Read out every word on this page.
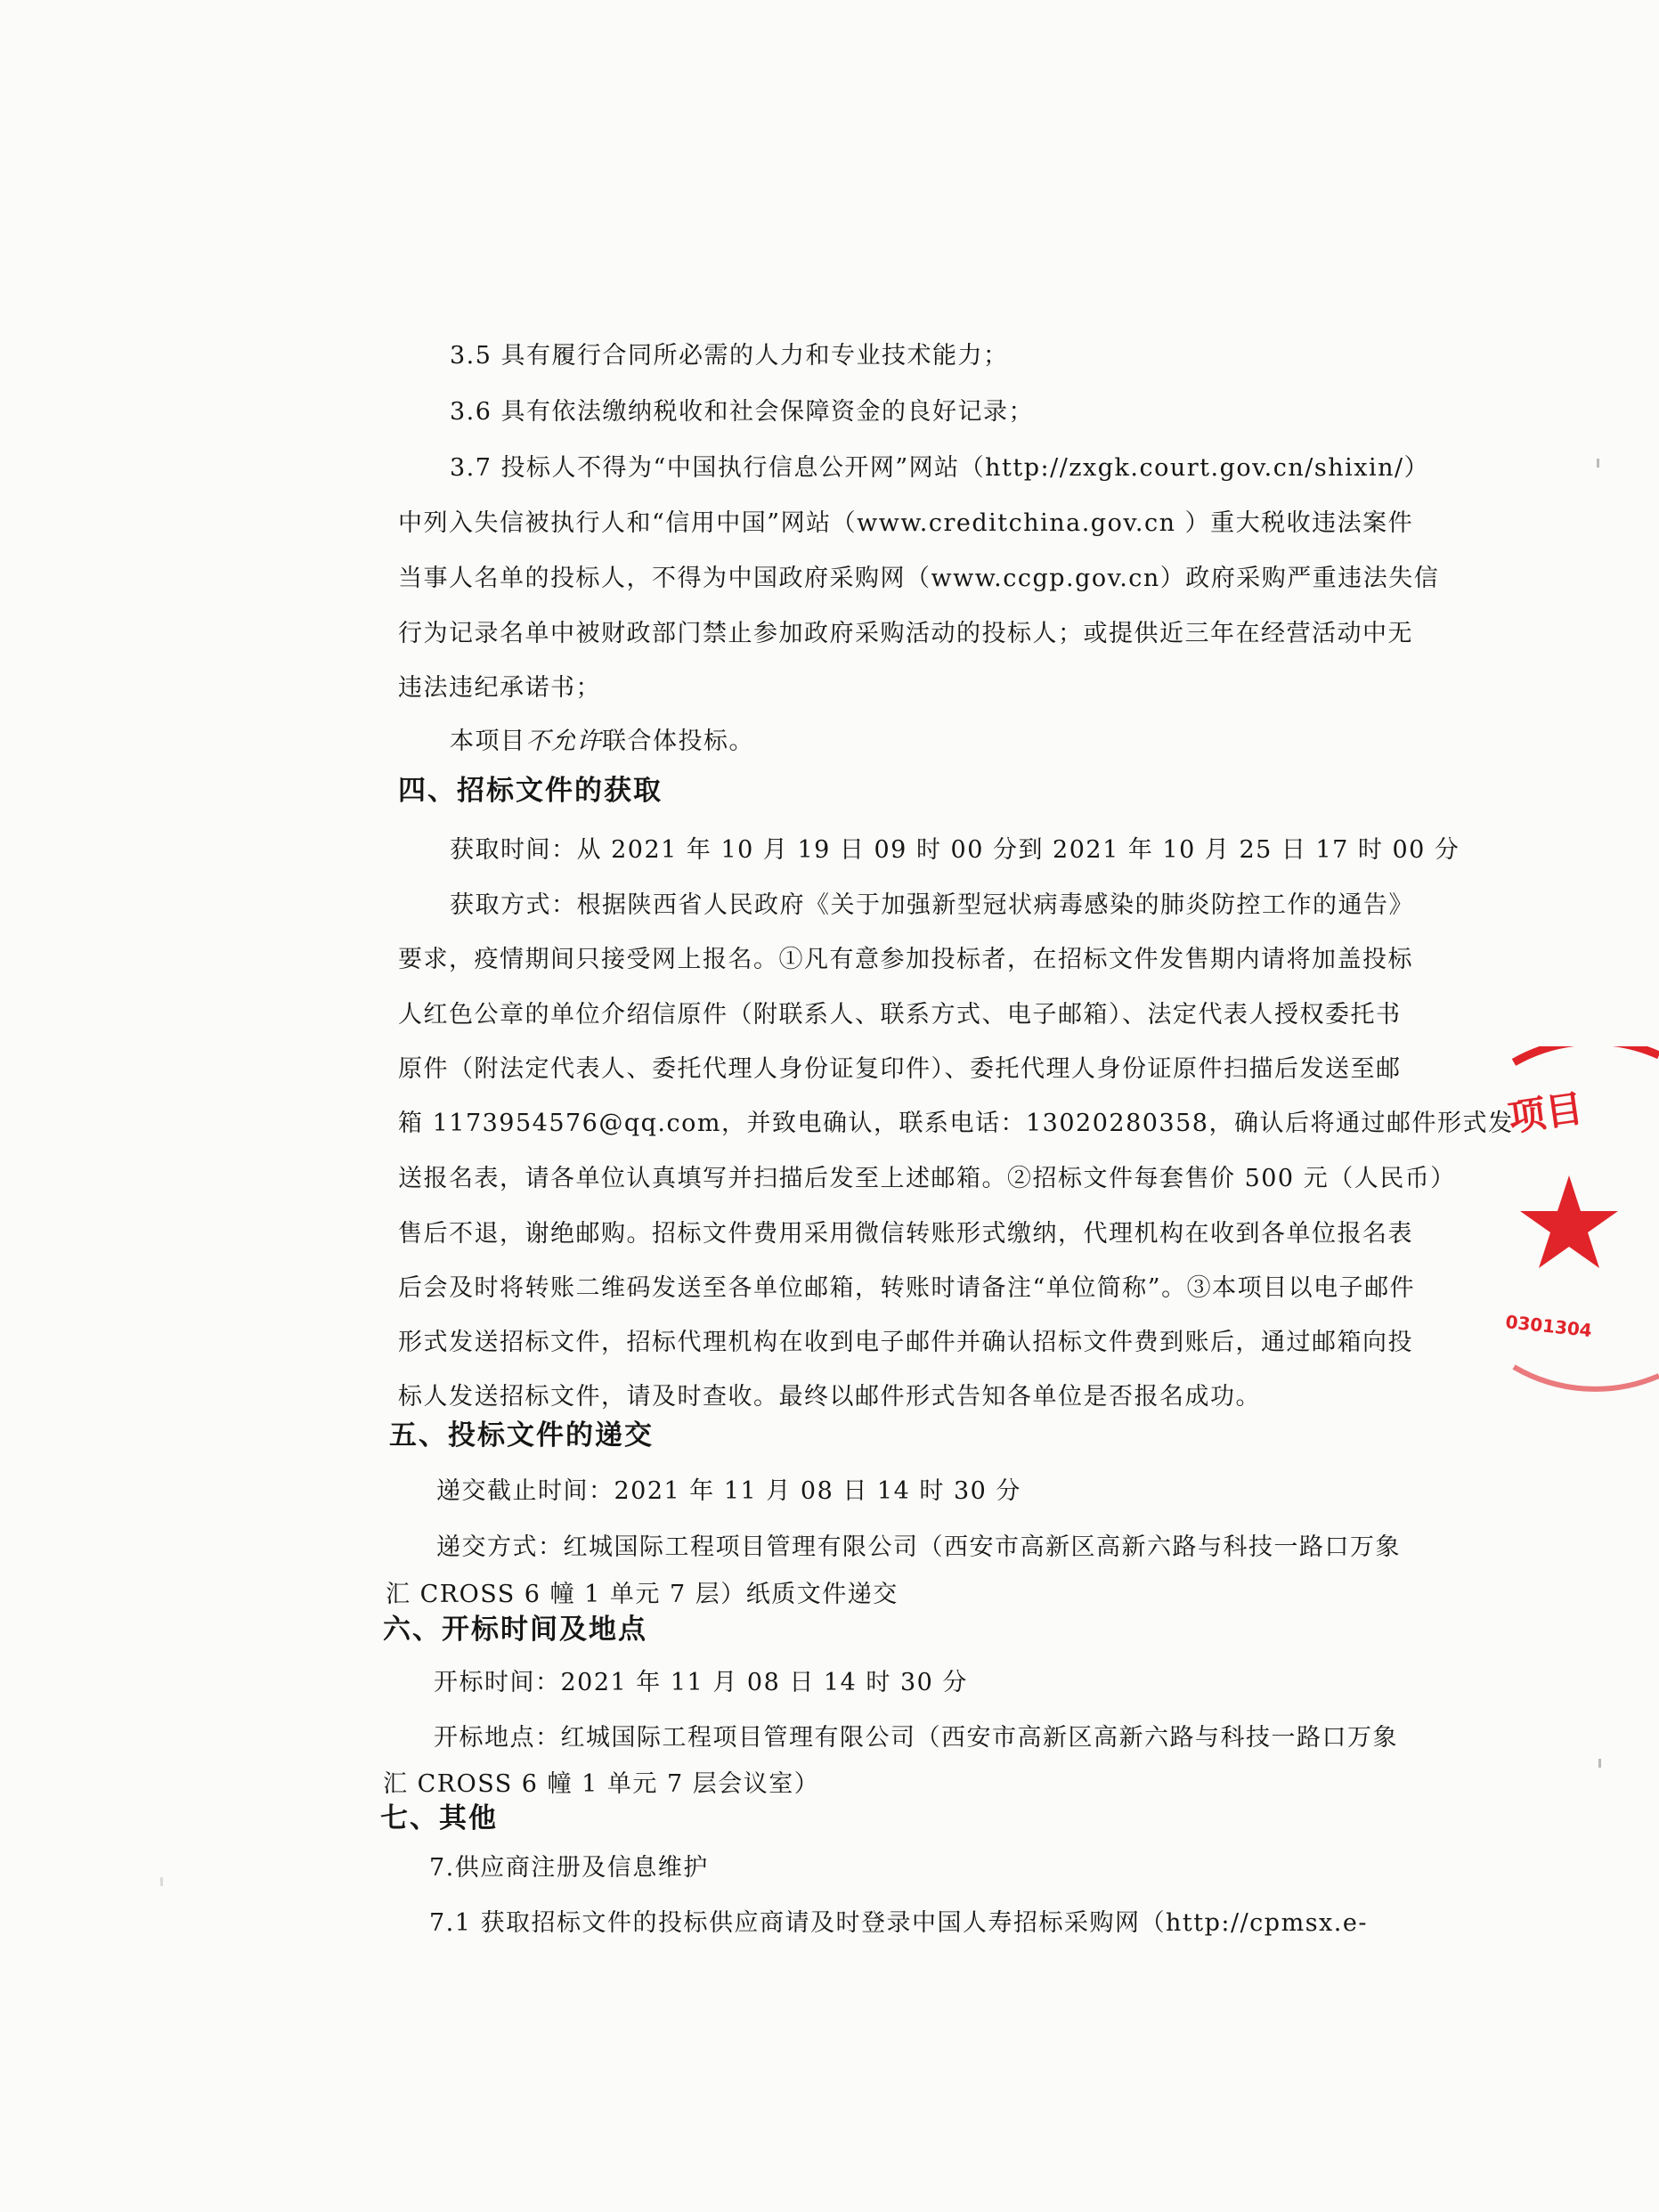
3.5 具有履行合同所必需的人力和专业技术能力；
3.6 具有依法缴纳税收和社会保障资金的良好记录；
3.7 投标人不得为“中国执行信息公开网”网站（http://zxgk.court.gov.cn/shixin/）
中列入失信被执行人和“信用中国”网站（www.creditchina.gov.cn ）重大税收违法案件
当事人名单的投标人，不得为中国政府采购网（www.ccgp.gov.cn）政府采购严重违法失信
行为记录名单中被财政部门禁止参加政府采购活动的投标人；或提供近三年在经营活动中无
违法违纪承诺书；
本项目不允许联合体投标。
四、招标文件的获取
获取时间：从 2021 年 10 月 19 日 09 时 00 分到 2021 年 10 月 25 日 17 时 00 分
获取方式：根据陕西省人民政府《关于加强新型冠状病毒感染的肺炎防控工作的通告》
要求，疫情期间只接受网上报名。①凡有意参加投标者，在招标文件发售期内请将加盖投标
人红色公章的单位介绍信原件（附联系人、联系方式、电子邮箱）、法定代表人授权委托书
原件（附法定代表人、委托代理人身份证复印件）、委托代理人身份证原件扫描后发送至邮
箱 1173954576@qq.com，并致电确认，联系电话：13020280358，确认后将通过邮件形式发
送报名表，请各单位认真填写并扫描后发至上述邮箱。②招标文件每套售价 500 元（人民币）
售后不退，谢绝邮购。招标文件费用采用微信转账形式缴纳，代理机构在收到各单位报名表
后会及时将转账二维码发送至各单位邮箱，转账时请备注“单位简称”。③本项目以电子邮件
形式发送招标文件，招标代理机构在收到电子邮件并确认招标文件费到账后，通过邮箱向投
标人发送招标文件，请及时查收。最终以邮件形式告知各单位是否报名成功。
五、投标文件的递交
递交截止时间：2021 年 11 月 08 日 14 时 30 分
递交方式：红城国际工程项目管理有限公司（西安市高新区高新六路与科技一路口万象
汇 CROSS 6 幢 1 单元 7 层）纸质文件递交
六、开标时间及地点
开标时间：2021 年 11 月 08 日 14 时 30 分
开标地点：红城国际工程项目管理有限公司（西安市高新区高新六路与科技一路口万象
汇 CROSS 6 幢 1 单元 7 层会议室）
七、其他
7.供应商注册及信息维护
7.1 获取招标文件的投标供应商请及时登录中国人寿招标采购网（http://cpmsx.e-
项目
0301304
